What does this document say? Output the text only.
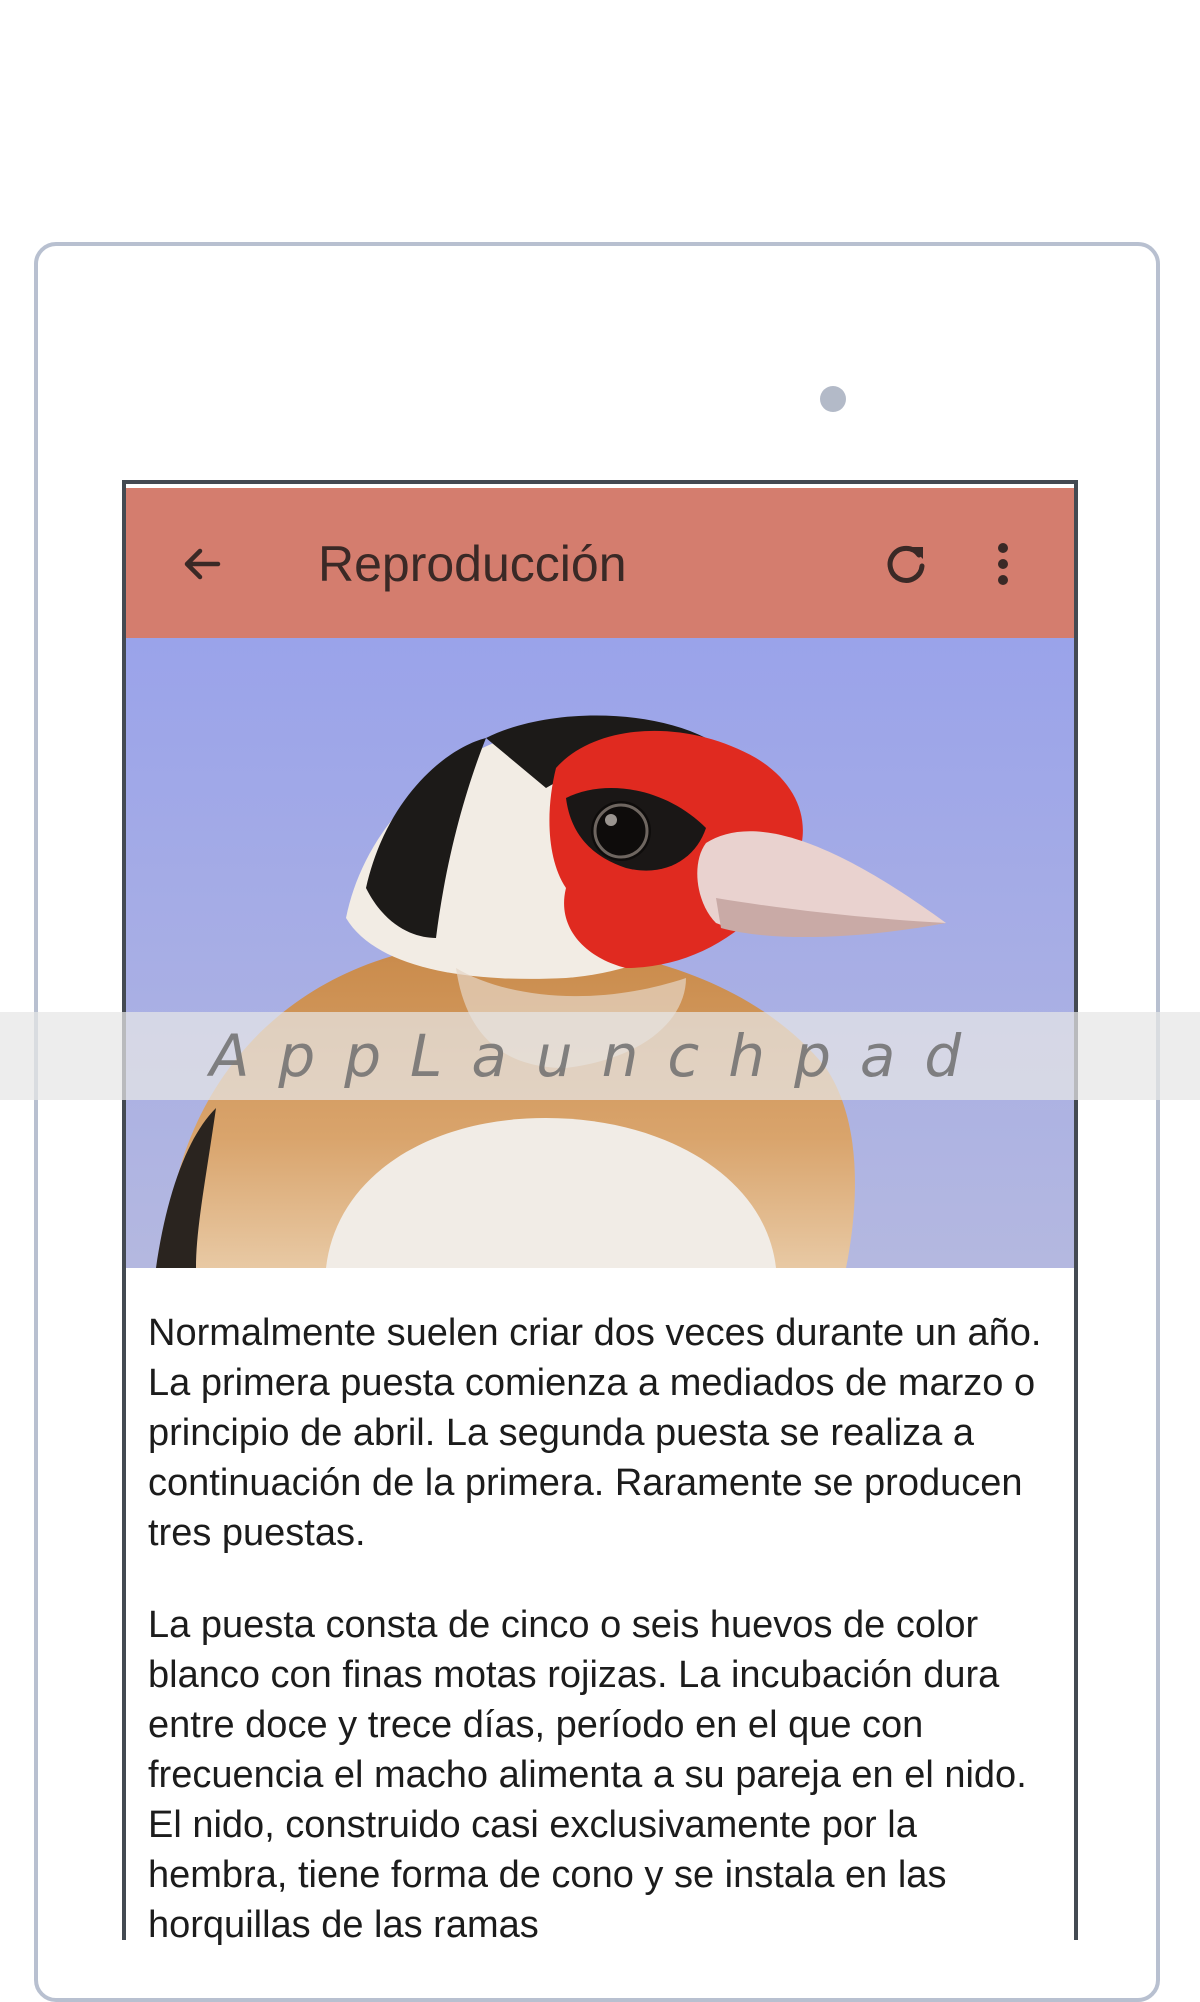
Reproducción

Normalmente suelen criar dos veces durante un año. La primera puesta comienza a mediados de marzo o principio de abril. La segunda puesta se realiza a continuación de la primera. Raramente se producen tres puestas.

La puesta consta de cinco o seis huevos de color blanco con finas motas rojizas. La incubación dura entre doce y trece días, período en el que con frecuencia el macho alimenta a su pareja en el nido. El nido, construido casi exclusivamente por la hembra, tiene forma de cono y se instala en las horquillas de las ramas

AppLaunchpad
